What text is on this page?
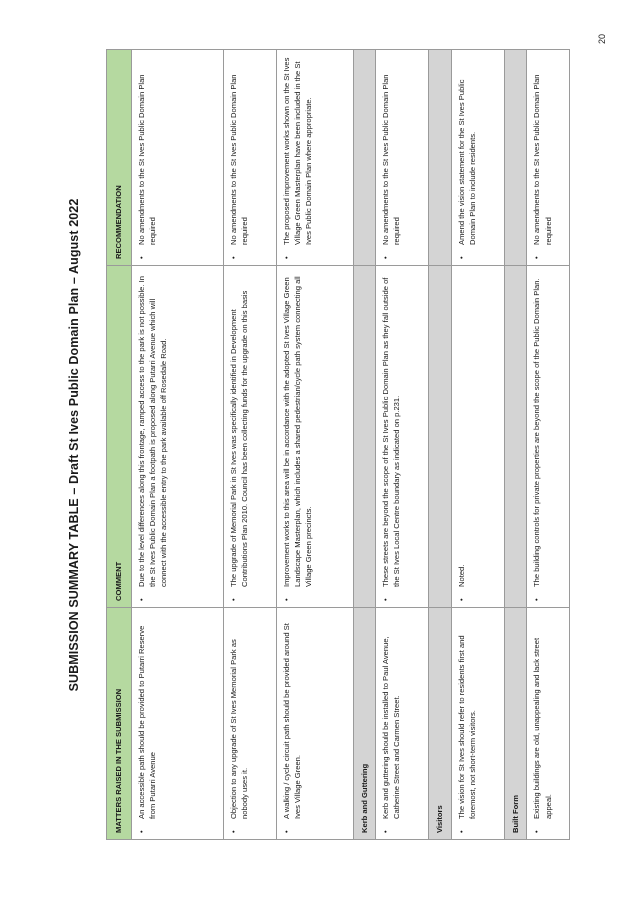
20
SUBMISSION SUMMARY TABLE – Draft St Ives Public Domain Plan – August 2022
MATTERS RAISED IN THE SUBMISSION	COMMENT	RECOMMENDATION

•
An accessible path should be provided to Putarri Reserve from Putarri Avenue	•
Due to the level differences along this frontage, ramped access to the park is not possible. In the St Ives Public Domain Plan a footpath is proposed along Putarri Avenue which will connect with the accessible entry to the park available off Rosedale Road.	•
No amendments to the St Ives Public Domain Plan required

•
Objection to any upgrade of St Ives Memorial Park as nobody uses it.	•
The upgrade of Memorial Park in St Ives was specifically identified in Development Contributions Plan 2010. Council has been collecting funds for the upgrade on this basis	•
No amendments to the St Ives Public Domain Plan required

•
A walking / cycle circuit path should be provided around St Ives Village Green.	•
Improvement works to this area will be in accordance with the adopted St Ives Village Green Landscape Masterplan, which includes a shared pedestrian/cycle path system connecting all Village Green precincts.	•
The proposed improvement works shown on the St Ives Village Green Masterplan have been included in the St Ives Public Domain Plan where appropriate.

Kerb and Guttering		

•
Kerb and guttering should be installed to Paul Avenue, Catherine Street and Carmen Street.	•
These streets are beyond the scope of the St Ives Public Domain Plan as they fall outside of the St Ives Local Centre boundary as indicated on p.231.	•
No amendments to the St Ives Public Domain Plan required

Visitors		

•
The vision for St Ives should refer to residents first and foremost, not short-term visitors.	•
Noted.	•
Amend the vision statement for the St Ives Public Domain Plan to include residents.

Built Form		

•
Existing buildings are old, unappealing and lack street appeal.	•
The building controls for private properties are beyond the scope of the Public Domain Plan.	•
No amendments to the St Ives Public Domain Plan required
